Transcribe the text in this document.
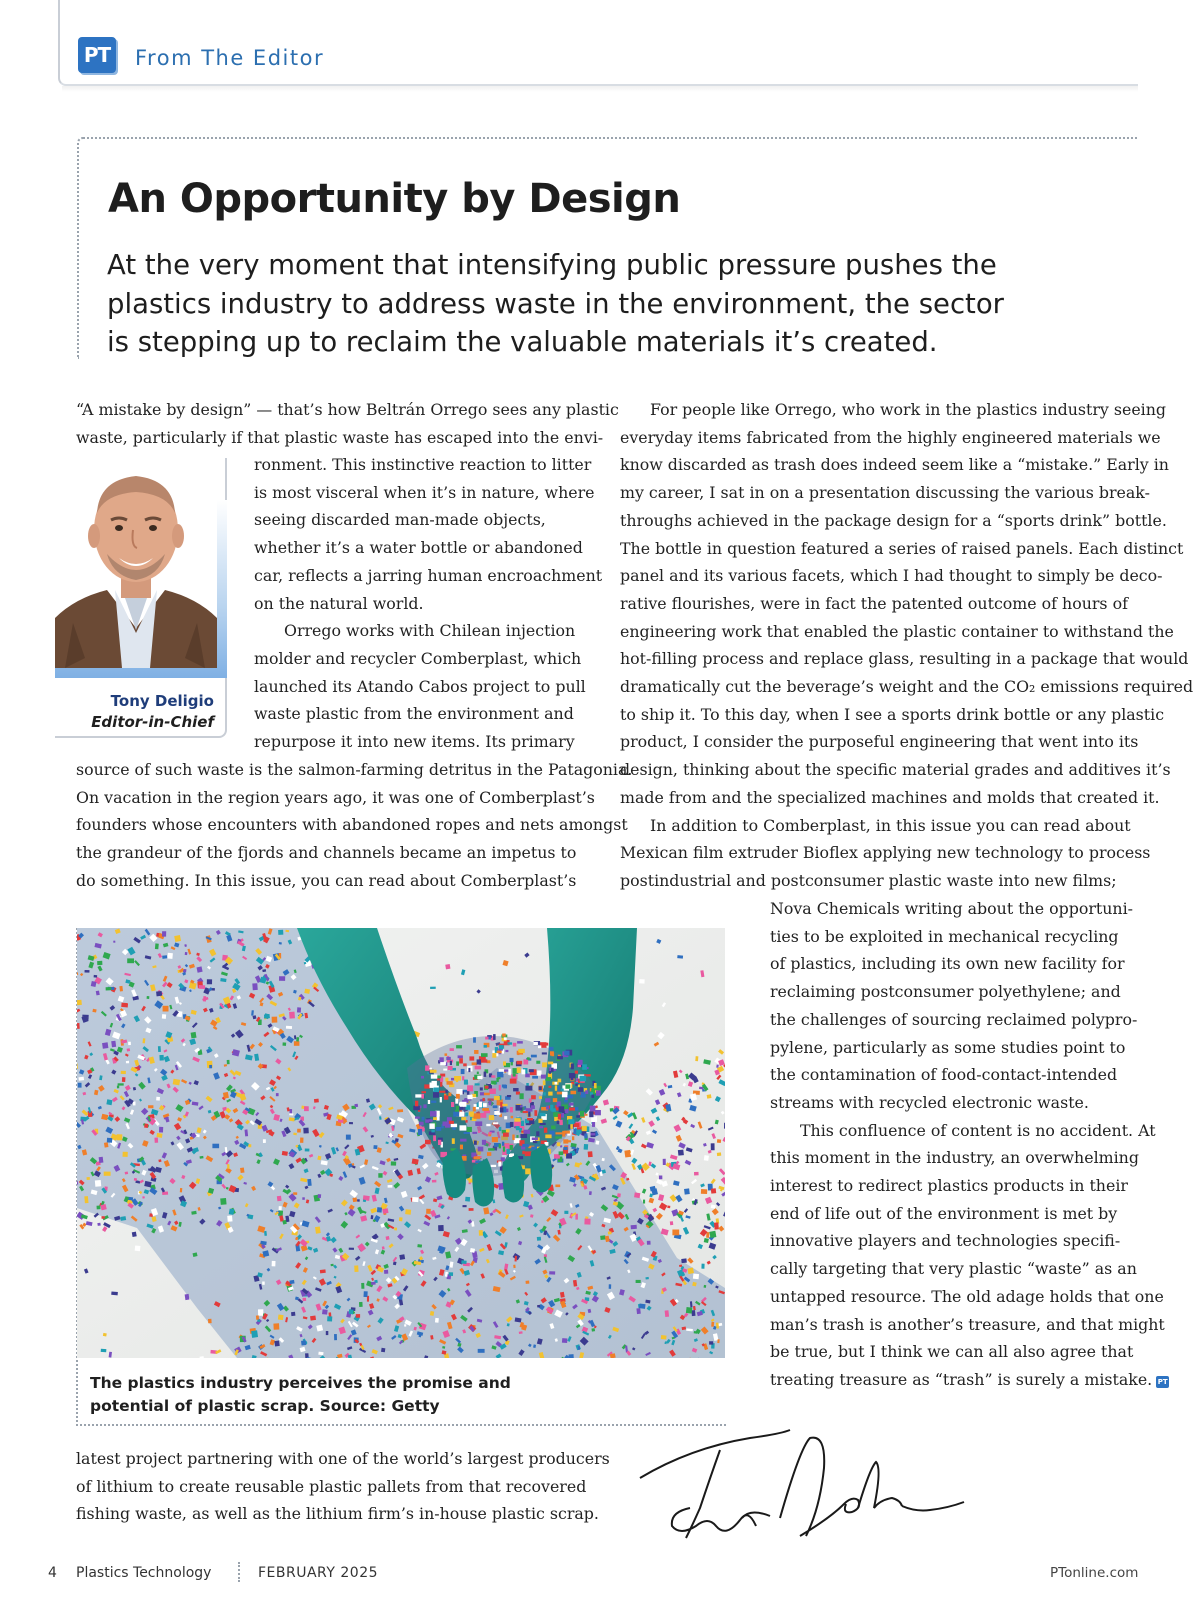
PT From The Editor
An Opportunity by Design
At the very moment that intensifying public pressure pushes the
plastics industry to address waste in the environment, the sector
is stepping up to reclaim the valuable materials it’s created.
“A mistake by design” — that’s how Beltrán Orrego sees any plastic
waste, particularly if that plastic waste has escaped into the envi-
Tony Deligio
Editor-in-Chief
ronment. This instinctive reaction to litter
is most visceral when it’s in nature, where
seeing discarded man-made objects,
whether it’s a water bottle or abandoned
car, reflects a jarring human encroachment
on the natural world.
Orrego works with Chilean injection
molder and recycler Comberplast, which
launched its Atando Cabos project to pull
waste plastic from the environment and
repurpose it into new items. Its primary
source of such waste is the salmon-farming detritus in the Patagonia.
On vacation in the region years ago, it was one of Comberplast’s
founders whose encounters with abandoned ropes and nets amongst
the grandeur of the fjords and channels became an impetus to
do something. In this issue, you can read about Comberplast’s
The plastics industry perceives the promise and
potential of plastic scrap. Source: Getty
latest project partnering with one of the world’s largest producers
of lithium to create reusable plastic pallets from that recovered
fishing waste, as well as the lithium firm’s in-house plastic scrap.
For people like Orrego, who work in the plastics industry seeing
everyday items fabricated from the highly engineered materials we
know discarded as trash does indeed seem like a “mistake.” Early in
my career, I sat in on a presentation discussing the various break-
throughs achieved in the package design for a “sports drink” bottle.
The bottle in question featured a series of raised panels. Each distinct
panel and its various facets, which I had thought to simply be deco-
rative flourishes, were in fact the patented outcome of hours of
engineering work that enabled the plastic container to withstand the
hot-filling process and replace glass, resulting in a package that would
dramatically cut the beverage’s weight and the CO₂ emissions required
to ship it. To this day, when I see a sports drink bottle or any plastic
product, I consider the purposeful engineering that went into its
design, thinking about the specific material grades and additives it’s
made from and the specialized machines and molds that created it.
In addition to Comberplast, in this issue you can read about
Mexican film extruder Bioflex applying new technology to process
postindustrial and postconsumer plastic waste into new films;
Nova Chemicals writing about the opportuni-
ties to be exploited in mechanical recycling
of plastics, including its own new facility for
reclaiming postconsumer polyethylene; and
the challenges of sourcing reclaimed polypro-
pylene, particularly as some studies point to
the contamination of food-contact-intended
streams with recycled electronic waste.
This confluence of content is no accident. At
this moment in the industry, an overwhelming
interest to redirect plastics products in their
end of life out of the environment is met by
innovative players and technologies specifi-
cally targeting that very plastic “waste” as an
untapped resource. The old adage holds that one
man’s trash is another’s treasure, and that might
be true, but I think we can all also agree that
treating treasure as “trash” is surely a mistake. PT
4 Plastics Technology	FEBRUARY 2025	PTonline.com
